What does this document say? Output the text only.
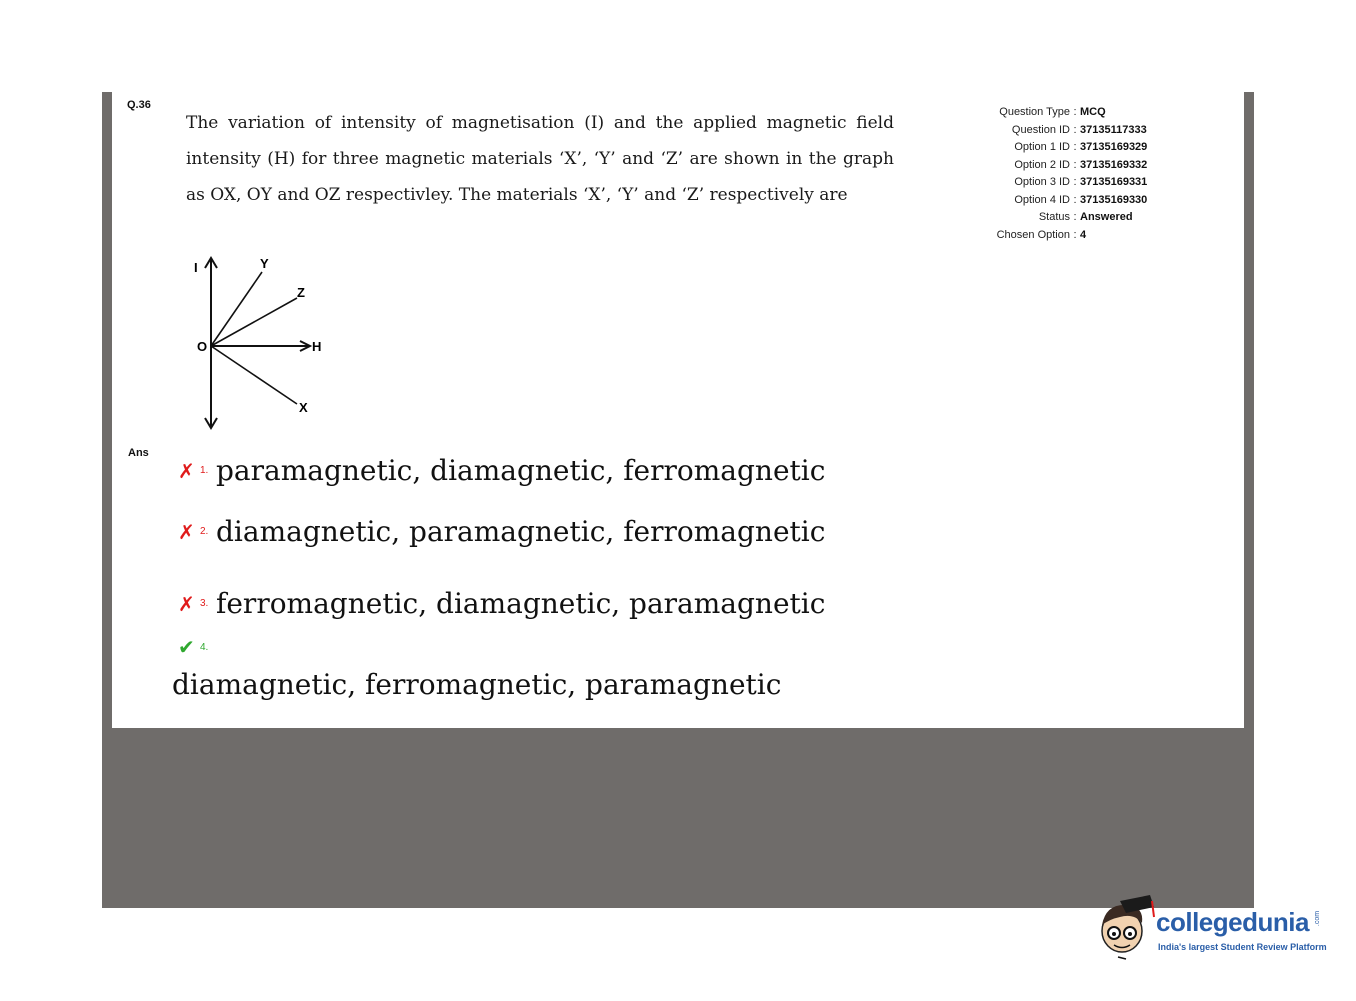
Q.36

The variation of intensity of magnetisation (I) and the applied magnetic field intensity (H) for three magnetic materials ‘X’, ‘Y’ and ‘Z’ are shown in the graph as OX, OY and OZ respectivley. The materials ‘X’, ‘Y’ and ‘Z’ respectively are

Question Type : MCQ
Question ID : 37135117333
Option 1 ID : 37135169329
Option 2 ID : 37135169332
Option 3 ID : 37135169331
Option 4 ID : 37135169330
Status : Answered
Chosen Option : 4
I	Y
Z
O	H
X
Ans
✗ 1. paramagnetic, diamagnetic, ferromagnetic
✗ 2. diamagnetic, paramagnetic, ferromagnetic
✗ 3. ferromagnetic, diamagnetic, paramagnetic
✔ 4.
diamagnetic, ferromagnetic, paramagnetic
collegedunia .com
India's largest Student Review Platform
